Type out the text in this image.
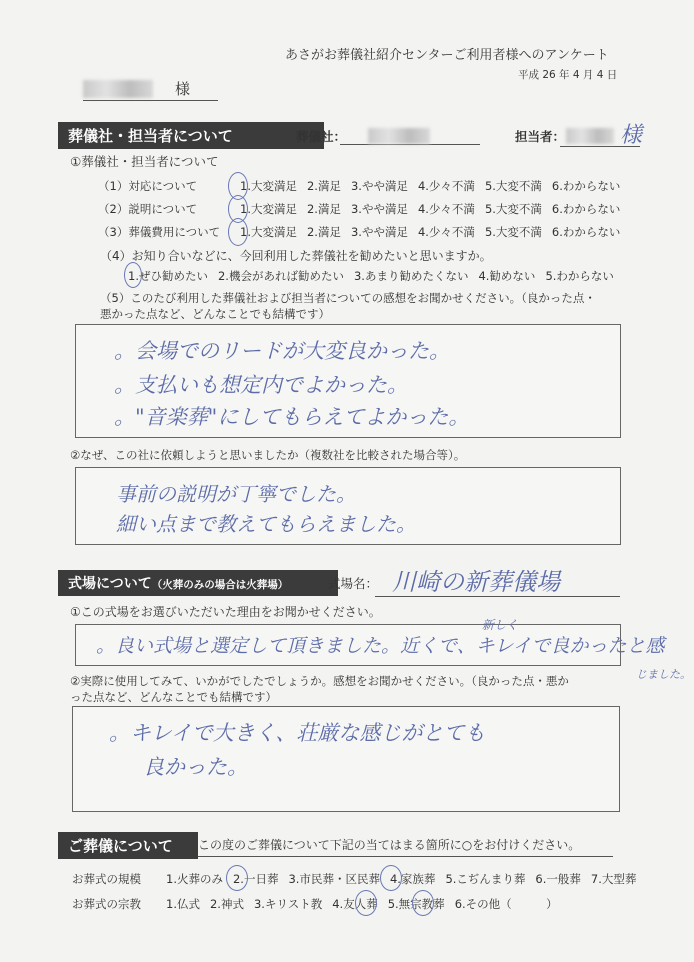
あさがお葬儀社紹介センターご利用者様へのアンケート
平成 26 年 4 月 4 日
様
葬儀社・担当者について	葬儀社：	担当者： 様
①葬儀社・担当者について
（1）対応について	1.大変満足 2.満足 3.やや満足 4.少々不満 5.大変不満 6.わからない
（2）説明について	1.大変満足 2.満足 3.やや満足 4.少々不満 5.大変不満 6.わからない
（3）葬儀費用について 1.大変満足 2.満足 3.やや満足 4.少々不満 5.大変不満 6.わからない
（4）お知り合いなどに、今回利用した葬儀社を勧めたいと思いますか。
1.ぜひ勧めたい 2.機会があれば勧めたい 3.あまり勧めたくない 4.勧めない 5.わからない
（5）このたび利用した葬儀社および担当者についての感想をお聞かせください。（良かった点・
悪かった点など、どんなことでも結構です）
。会場でのリードが大変良かった。
。支払いも想定内でよかった。
。"音楽葬"にしてもらえてよかった。
②なぜ、この社に依頼しようと思いましたか（複数社を比較された場合等）。
事前の説明が丁寧でした。
細い点まで教えてもらえました。
式場について（火葬のみの場合は火葬場）	式場名： 川崎の新葬儀場
①この式場をお選びいただいた理由をお聞かせください。
。良い式場と選定して頂きました。近くで、キレイで良かったと感
新しく
じました。
②実際に使用してみて、いかがでしたでしょうか。感想をお聞かせください。（良かった点・悪か
った点など、どんなことでも結構です）
。キレイで大きく、荘厳な感じがとても
良かった。
ご葬儀について	この度のご葬儀について下記の当てはまる箇所に○をお付けください。
お葬式の規模 1.火葬のみ 2.一日葬 3.市民葬・区民葬 4.家族葬 5.こぢんまり葬 6.一般葬 7.大型葬
お葬式の宗教 1.仏式 2.神式 3.キリスト教 4.友人葬 5.無宗教葬 6.その他（　　　）
